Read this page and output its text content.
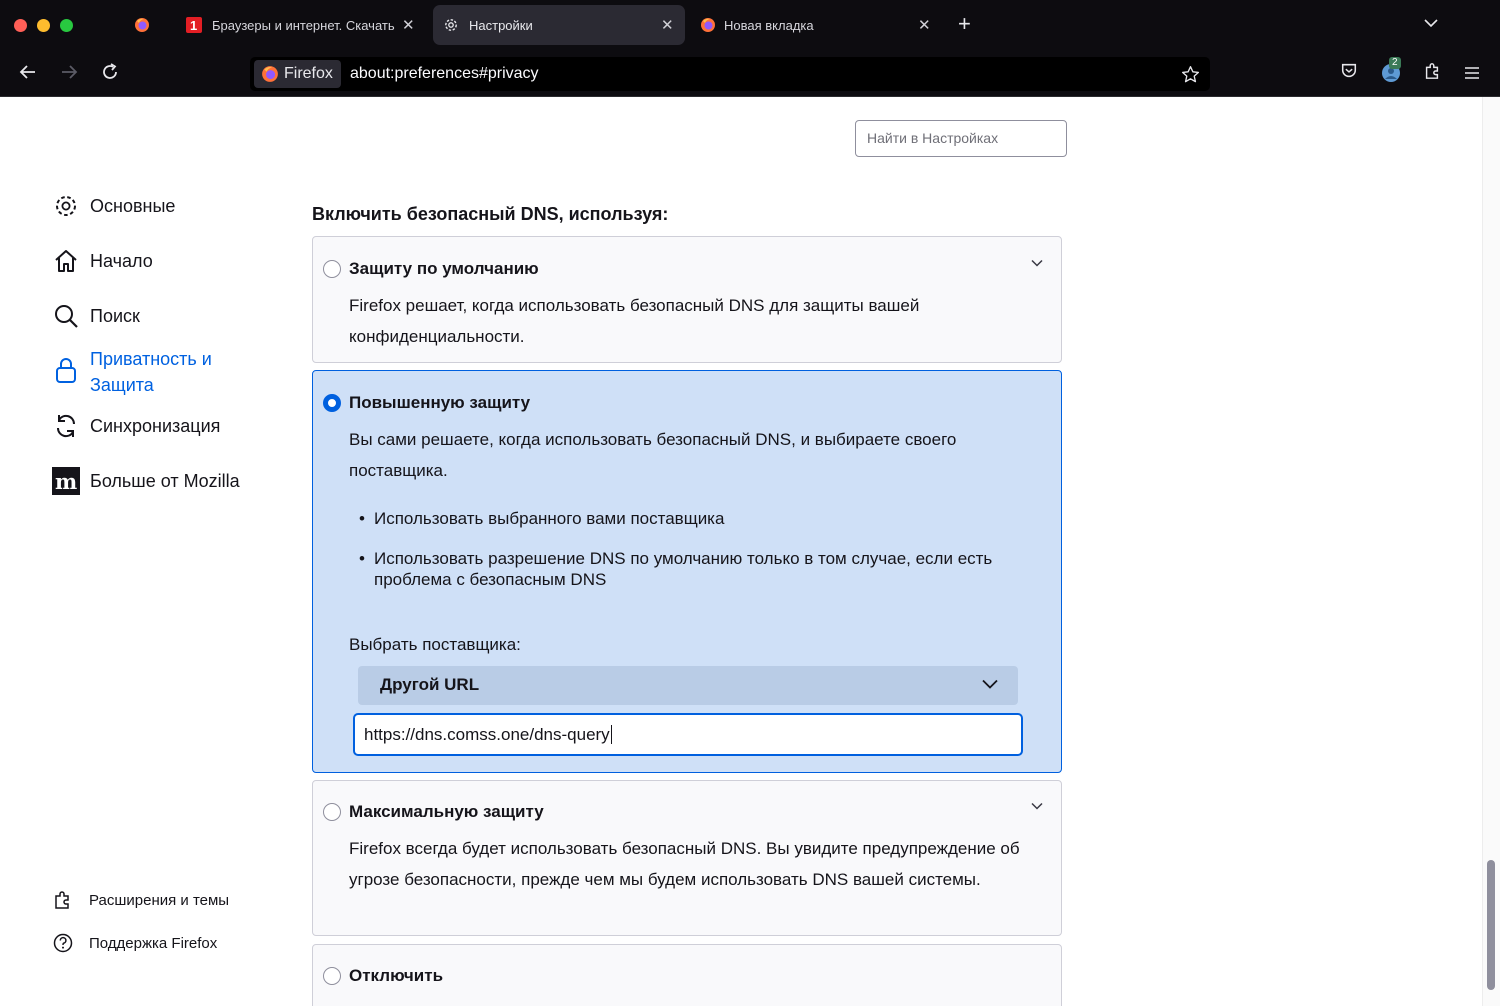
1 Браузеры и интернет. Скачать ✕	Настройки	✕	Новая вкладка	✕ +
Firefox about:preferences#privacy
2
Найти в Настройках
Основные
Начало
Поиск
Приватность и Защита
Синхронизация
m Больше от Mozilla
Расширения и темы
Поддержка Firefox
Включить безопасный DNS, используя:
Защиту по умолчанию
Firefox решает, когда использовать безопасный DNS для защиты вашей конфиденциальности.
Повышенную защиту
Вы сами решаете, когда использовать безопасный DNS, и выбираете своего поставщика.
• Использовать выбранного вами поставщика
• Использовать разрешение DNS по умолчанию только в том случае, если есть проблема с безопасным DNS
Выбрать поставщика:
Другой URL
https://dns.comss.one/dns-query
Максимальную защиту
Firefox всегда будет использовать безопасный DNS. Вы увидите предупреждение об угрозе безопасности, прежде чем мы будем использовать DNS вашей системы.
Отключить
